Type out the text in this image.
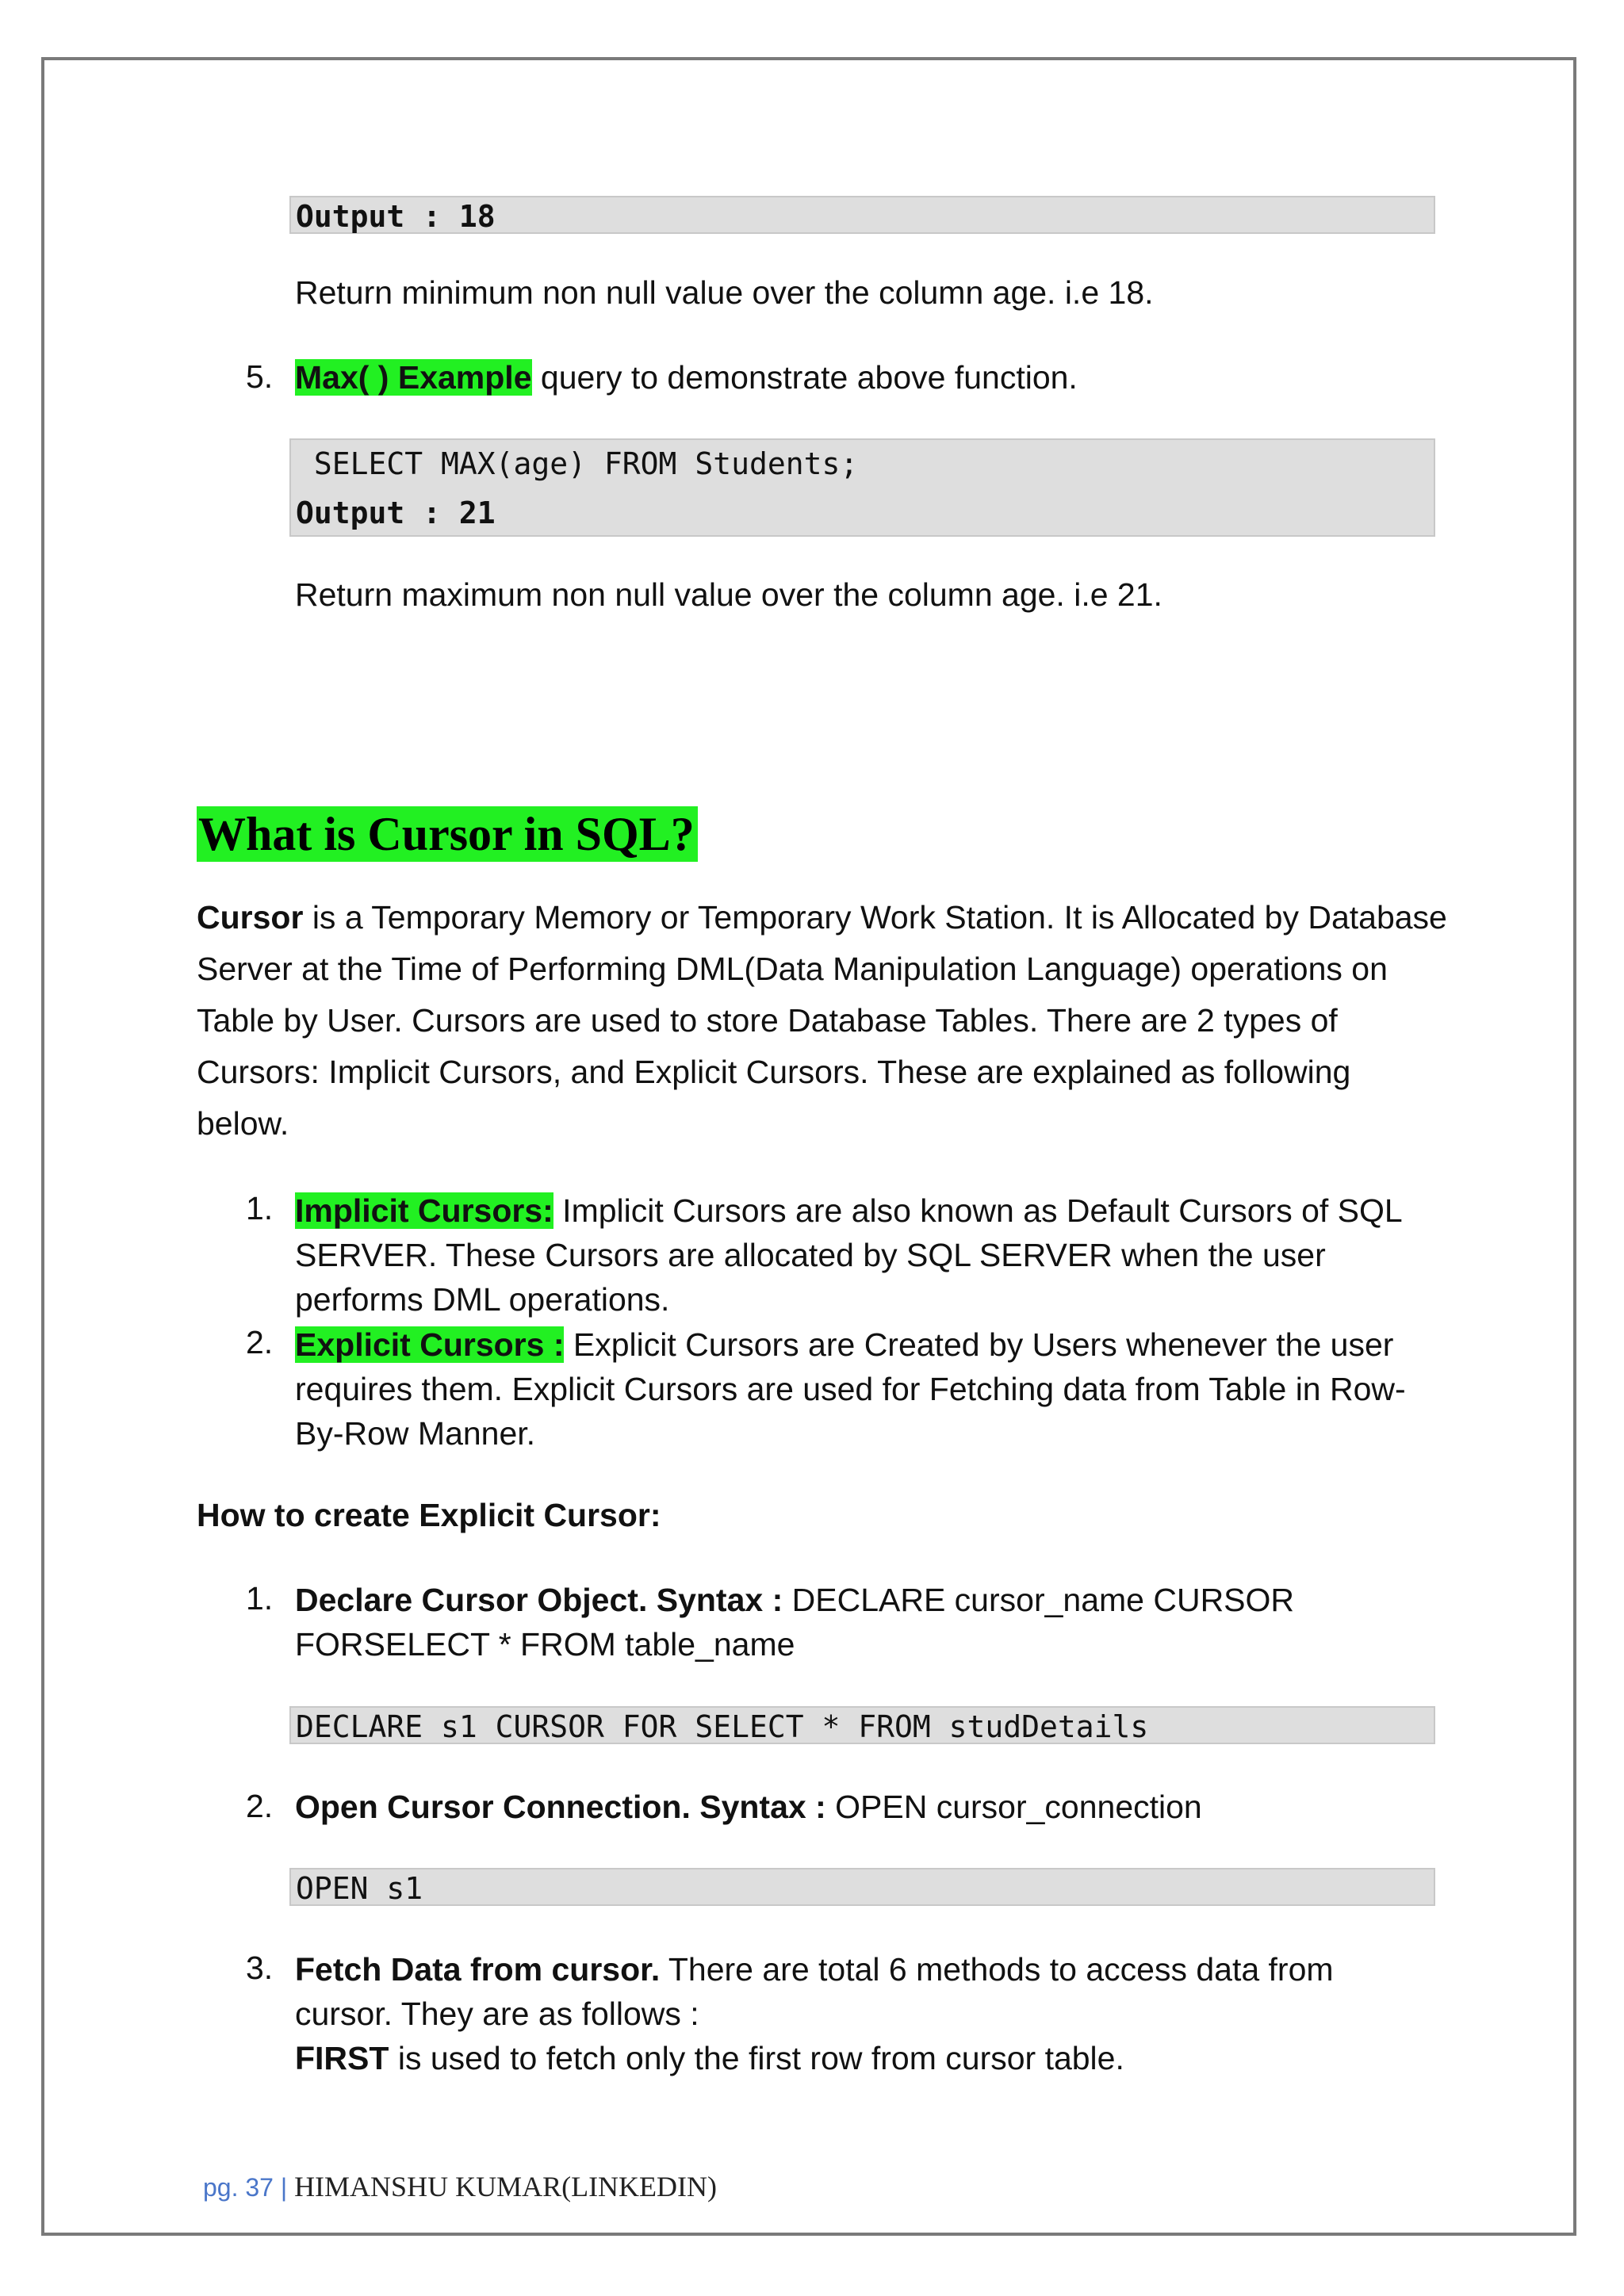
Output : 18
Return minimum non null value over the column age. i.e 18.
5. Max( ) Example query to demonstrate above function.
SELECT MAX(age) FROM Students;
Output : 21
Return maximum non null value over the column age. i.e 21.
What is Cursor in SQL?
Cursor is a Temporary Memory or Temporary Work Station. It is Allocated by Database Server at the Time of Performing DML(Data Manipulation Language) operations on Table by User. Cursors are used to store Database Tables. There are 2 types of Cursors: Implicit Cursors, and Explicit Cursors. These are explained as following below.
1. Implicit Cursors: Implicit Cursors are also known as Default Cursors of SQL SERVER. These Cursors are allocated by SQL SERVER when the user performs DML operations.
2. Explicit Cursors : Explicit Cursors are Created by Users whenever the user requires them. Explicit Cursors are used for Fetching data from Table in Row-By-Row Manner.
How to create Explicit Cursor:
1. Declare Cursor Object. Syntax : DECLARE cursor_name CURSOR FORSELECT * FROM table_name
DECLARE s1 CURSOR FOR SELECT * FROM studDetails
2. Open Cursor Connection. Syntax : OPEN cursor_connection
OPEN s1
3. Fetch Data from cursor. There are total 6 methods to access data from cursor. They are as follows :
FIRST is used to fetch only the first row from cursor table.
pg. 37 | HIMANSHU KUMAR(LINKEDIN)
